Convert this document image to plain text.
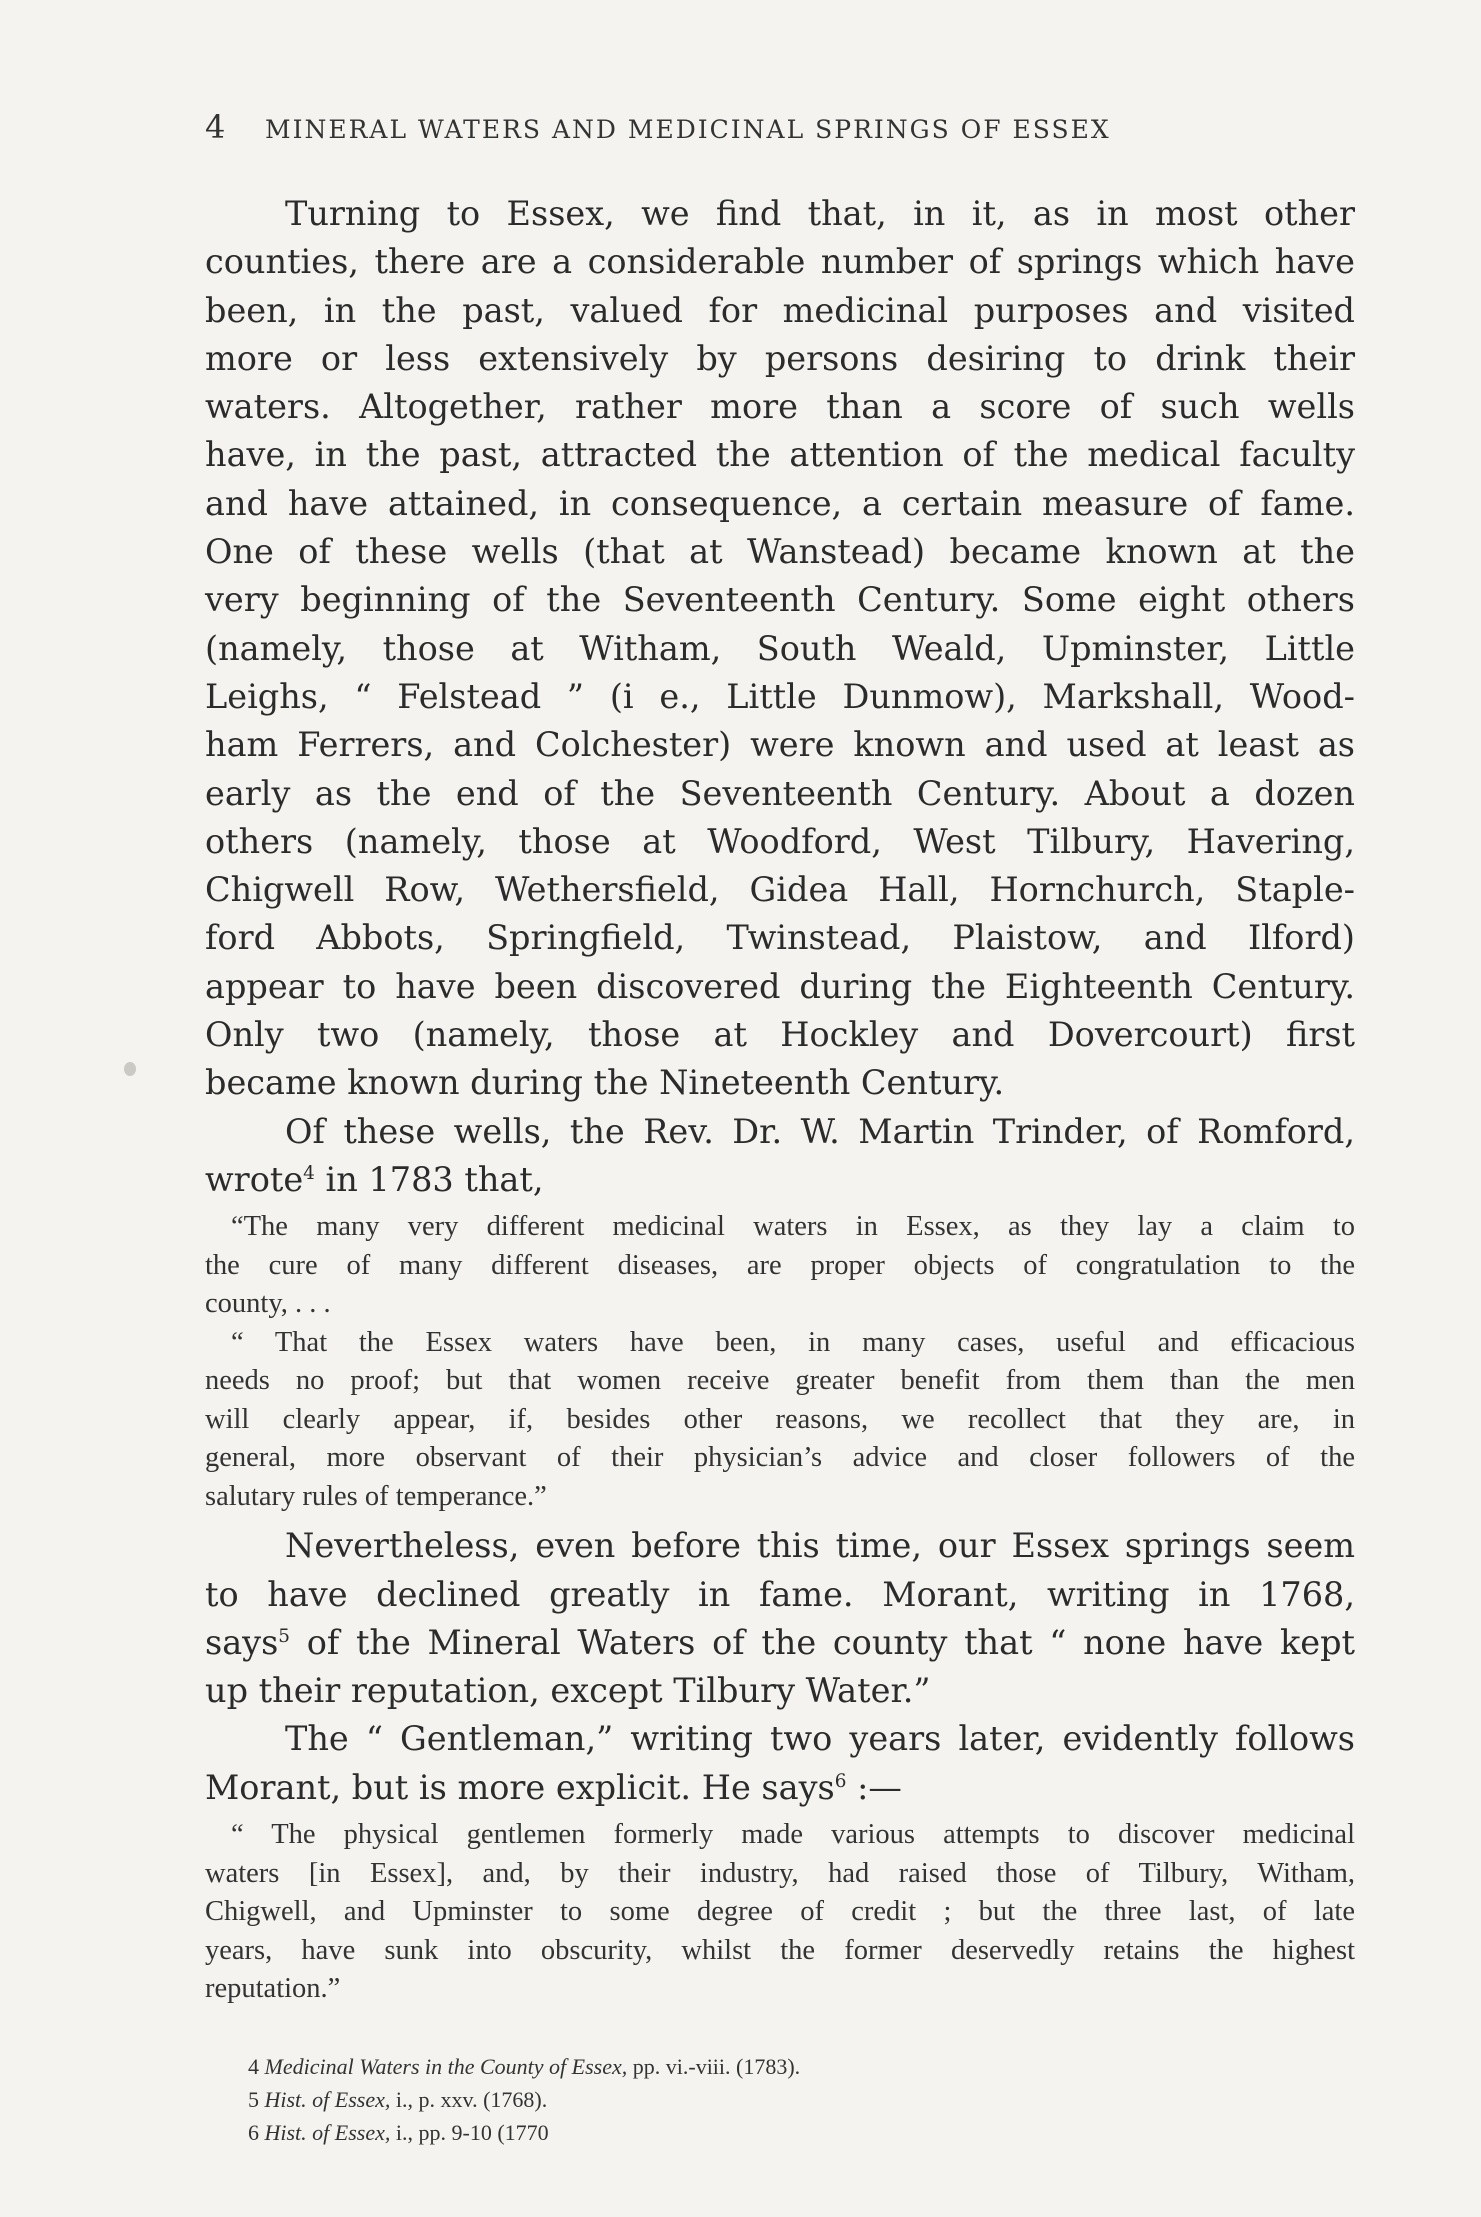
4 MINERAL WATERS AND MEDICINAL SPRINGS OF ESSEX
Turning to Essex, we find that, in it, as in most other
counties, there are a considerable number of springs which have
been, in the past, valued for medicinal purposes and visited
more or less extensively by persons desiring to drink their
waters. Altogether, rather more than a score of such wells
have, in the past, attracted the attention of the medical faculty
and have attained, in consequence, a certain measure of fame.
One of these wells (that at Wanstead) became known at the
very beginning of the Seventeenth Century. Some eight others
(namely, those at Witham, South Weald, Upminster, Little
Leighs, “ Felstead ” (i e., Little Dunmow), Markshall, Wood-
ham Ferrers, and Colchester) were known and used at least as
early as the end of the Seventeenth Century. About a dozen
others (namely, those at Woodford, West Tilbury, Havering,
Chigwell Row, Wethersfield, Gidea Hall, Hornchurch, Staple-
ford Abbots, Springfield, Twinstead, Plaistow, and Ilford)
appear to have been discovered during the Eighteenth Century.
Only two (namely, those at Hockley and Dovercourt) first
became known during the Nineteenth Century.
Of these wells, the Rev. Dr. W. Martin Trinder, of Romford,
wrote$^4$ in 1783 that,
“The many very different medicinal waters in Essex, as they lay a claim to
the cure of many different diseases, are proper objects of congratulation to the
county, . . .
“ That the Essex waters have been, in many cases, useful and efficacious
needs no proof; but that women receive greater benefit from them than the men
will clearly appear, if, besides other reasons, we recollect that they are, in
general, more observant of their physician’s advice and closer followers of the
salutary rules of temperance.”
Nevertheless, even before this time, our Essex springs seem
to have declined greatly in fame. Morant, writing in 1768,
says$^5$ of the Mineral Waters of the county that “ none have kept
up their reputation, except Tilbury Water.”
The “ Gentleman,” writing two years later, evidently follows
Morant, but is more explicit. He says$^6$ :—
“ The physical gentlemen formerly made various attempts to discover medicinal
waters [in Essex], and, by their industry, had raised those of Tilbury, Witham,
Chigwell, and Upminster to some degree of credit ; but the three last, of late
years, have sunk into obscurity, whilst the former deservedly retains the highest
reputation.”
4 Medicinal Waters in the County of Essex, pp. vi.-viii. (1783).
5 Hist. of Essex, i., p. xxv. (1768).
6 Hist. of Essex, i., pp. 9-10 (1770
